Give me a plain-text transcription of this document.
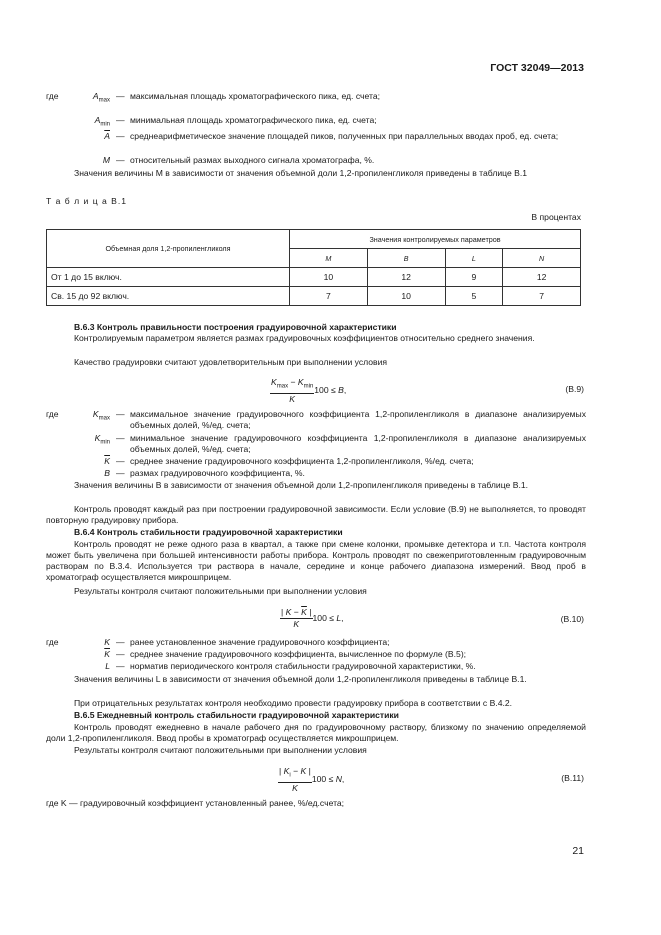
ГОСТ 32049—2013
где	$A_{max}$ — максимальная площадь хроматографического пика, ед. счета;
$A_{min}$ — минимальная площадь хроматографического пика, ед. счета;
$\overline{A}$ — среднеарифметическое значение площадей пиков, полученных при параллельных вводах проб, ед. счета;
M — относительный размах выходного сигнала хроматографа, %.
Значения величины M в зависимости от значения объемной доли 1,2-пропиленгликоля приведены в таблице В.1
Т а б л и ц а В.1
В процентах
Объемная доля 1,2-пропиленгликоля	Значения контролируемых параметров			
	M	B	L	N
От 1 до 15 включ.	10	12	9	12
Св. 15 до 92 включ.	7	10	5	7
В.6.3 Контроль правильности построения градуировочной характеристики
Контролируемым параметром является размах градуировочных коэффициентов относительно среднего значения.
Качество градуировки считают удовлетворительным при выполнении условия
$\frac{K_{max} - K_{min}}{K} 100 \le B$,	(В.9)
где	$K_{max}$ — максимальное значение градуировочного коэффициента 1,2-пропиленгликоля в диапазоне анализируемых объемных долей, %/ед. счета;
$K_{min}$ — минимальное значение градуировочного коэффициента 1,2-пропиленгликоля в диапазоне анализируемых объемных долей, %/ед. счета;
$\overline{K}$ — среднее значение градуировочного коэффициента 1,2-пропиленгликоля, %/ед. счета;
B — размах градуировочного коэффициента, %.
Значения величины B в зависимости от значения объемной доли 1,2-пропиленгликоля приведены в таблице В.1.
Контроль проводят каждый раз при построении градуировочной зависимости. Если условие (В.9) не выполняется, то проводят повторную градуировку прибора.
В.6.4 Контроль стабильности градуировочной характеристики
Контроль проводят не реже одного раза в квартал, а также при смене колонки, промывке детектора и т.п. Частота контроля может быть увеличена при большей интенсивности работы прибора. Контроль проводят по свежеприготовленным градуировочным растворам по В.3.4. Используется три раствора в начале, середине и конце рабочего диапазона измерений. Ввод проб в хроматограф осуществляется микрошприцем.
Результаты контроля считают положительными при выполнении условия
$\frac{| K - \overline{K} |}{K} 100 \le L$,	(В.10)
где	K — ранее установленное значение градуировочного коэффициента;
$\overline{K}$ — среднее значение градуировочного коэффициента, вычисленное по формуле (В.5);
L — норматив периодического контроля стабильности градуировочной характеристики, %.
Значения величины L в зависимости от значения объемной доли 1,2-пропиленгликоля приведены в таблице В.1.
При отрицательных результатах контроля необходимо провести градуировку прибора в соответствии с В.4.2.
В.6.5 Ежедневный контроль стабильности градуировочной характеристики
Контроль проводят ежедневно в начале рабочего дня по градуировочному раствору, близкому по значению определяемой доли 1,2-пропиленгликоля. Ввод пробы в хроматограф осуществляется микрошприцем.
Результаты контроля считают положительными при выполнении условия
$\frac{| K_i - K |}{K} 100 \le N$,	(В.11)
где K — градуировочный коэффициент установленный ранее, %/ед.счета;
21
